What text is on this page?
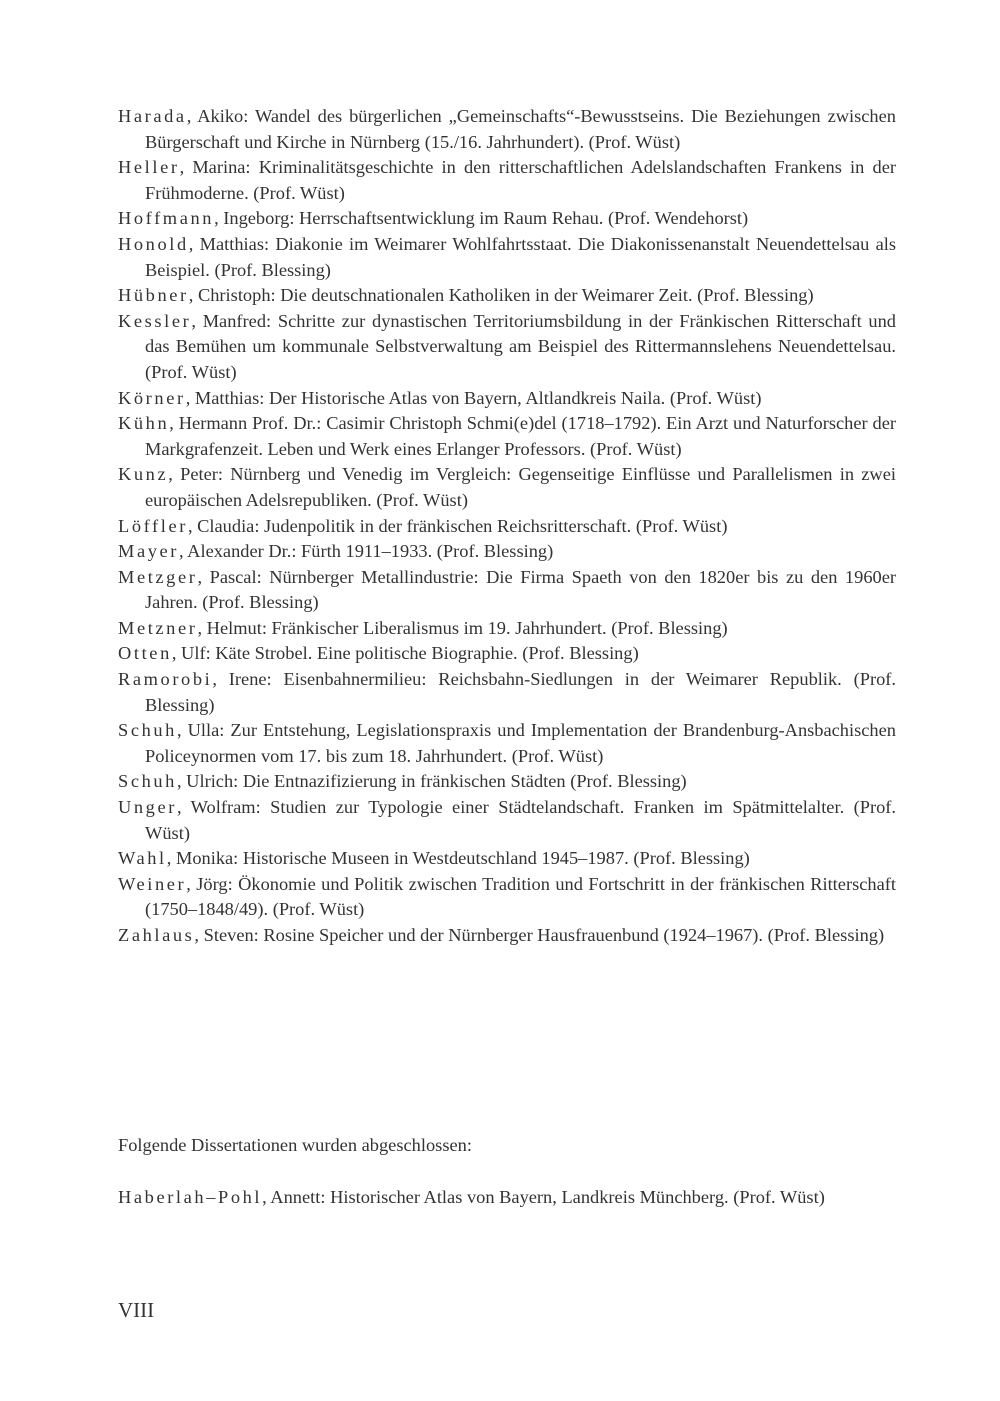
Harada, Akiko: Wandel des bürgerlichen „Gemeinschafts“-Bewusstseins. Die Beziehungen zwischen Bürgerschaft und Kirche in Nürnberg (15./16. Jahrhundert). (Prof. Wüst)

Heller, Marina: Kriminalitätsgeschichte in den ritterschaftlichen Adelslandschaften Frankens in der Frühmoderne. (Prof. Wüst)

Hoffmann, Ingeborg: Herrschaftsentwicklung im Raum Rehau. (Prof. Wendehorst)

Honold, Matthias: Diakonie im Weimarer Wohlfahrtsstaat. Die Diakonissenanstalt Neuendettelsau als Beispiel. (Prof. Blessing)

Hübner, Christoph: Die deutschnationalen Katholiken in der Weimarer Zeit. (Prof. Blessing)

Kessler, Manfred: Schritte zur dynastischen Territoriumsbildung in der Fränkischen Ritterschaft und das Bemühen um kommunale Selbstverwaltung am Beispiel des Rittermannslehens Neuendettelsau. (Prof. Wüst)

Körner, Matthias: Der Historische Atlas von Bayern, Altlandkreis Naila. (Prof. Wüst)

Kühn, Hermann Prof. Dr.: Casimir Christoph Schmi(e)del (1718–1792). Ein Arzt und Naturforscher der Markgrafenzeit. Leben und Werk eines Erlanger Professors. (Prof. Wüst)

Kunz, Peter: Nürnberg und Venedig im Vergleich: Gegenseitige Einflüsse und Parallelismen in zwei europäischen Adelsrepubliken. (Prof. Wüst)

Löffler, Claudia: Judenpolitik in der fränkischen Reichsritterschaft. (Prof. Wüst)

Mayer, Alexander Dr.: Fürth 1911–1933. (Prof. Blessing)

Metzger, Pascal: Nürnberger Metallindustrie: Die Firma Spaeth von den 1820er bis zu den 1960er Jahren. (Prof. Blessing)

Metzner, Helmut: Fränkischer Liberalismus im 19. Jahrhundert. (Prof. Blessing)

Otten, Ulf: Käte Strobel. Eine politische Biographie. (Prof. Blessing)

Ramorobi, Irene: Eisenbahnermilieu: Reichsbahn-Siedlungen in der Weimarer Republik. (Prof. Blessing)

Schuh, Ulla: Zur Entstehung, Legislationspraxis und Implementation der Brandenburg-Ansbachischen Policeynormen vom 17. bis zum 18. Jahrhundert. (Prof. Wüst)

Schuh, Ulrich: Die Entnazifizierung in fränkischen Städten (Prof. Blessing)

Unger, Wolfram: Studien zur Typologie einer Städtelandschaft. Franken im Spätmittelalter. (Prof. Wüst)

Wahl, Monika: Historische Museen in Westdeutschland 1945–1987. (Prof. Blessing)

Weiner, Jörg: Ökonomie und Politik zwischen Tradition und Fortschritt in der fränkischen Ritterschaft (1750–1848/49). (Prof. Wüst)

Zahlaus, Steven: Rosine Speicher und der Nürnberger Hausfrauenbund (1924–1967). (Prof. Blessing)

Folgende Dissertationen wurden abgeschlossen:

Haberlah–Pohl, Annett: Historischer Atlas von Bayern, Landkreis Münchberg. (Prof. Wüst)

VIII
